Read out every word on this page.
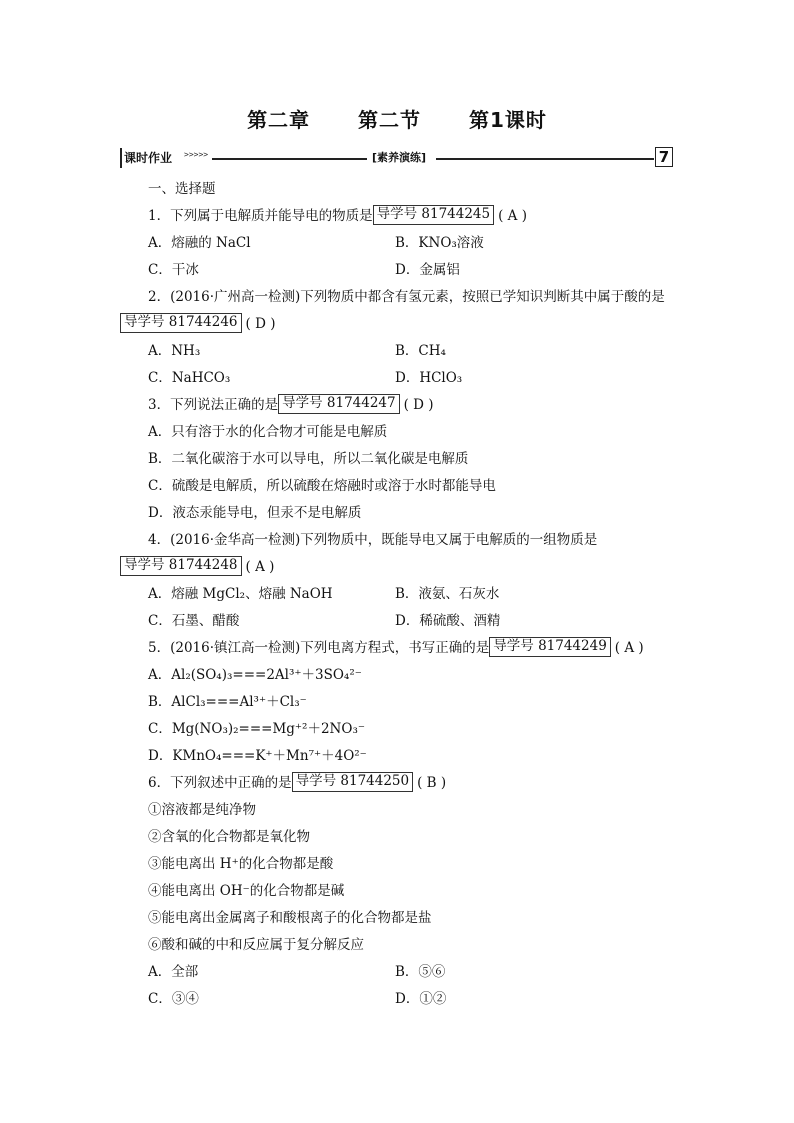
第二章 第二节 第1课时
课时作业 >>>>>	[素养演练]	7
一、选择题
1．下列属于电解质并能导电的物质是 导学号 81744245 ( A )
A．熔融的 NaCl	B．KNO₃溶液
C．干冰	D．金属铝
2．(2016·广州高一检测)下列物质中都含有氢元素，按照已学知识判断其中属于酸的是
导学号 81744246 ( D )
A．NH₃	B．CH₄
C．NaHCO₃	D．HClO₃
3．下列说法正确的是 导学号 81744247 ( D )
A．只有溶于水的化合物才可能是电解质
B．二氧化碳溶于水可以导电，所以二氧化碳是电解质
C．硫酸是电解质，所以硫酸在熔融时或溶于水时都能导电
D．液态汞能导电，但汞不是电解质
4．(2016·金华高一检测)下列物质中，既能导电又属于电解质的一组物质是
导学号 81744248 ( A )
A．熔融 MgCl₂、熔融 NaOH	B．液氨、石灰水
C．石墨、醋酸	D．稀硫酸、酒精
5．(2016·镇江高一检测)下列电离方程式，书写正确的是 导学号 81744249 ( A )
A．Al₂(SO₄)₃===2Al³⁺＋3SO₄²⁻
B．AlCl₃===Al³⁺＋Cl₃⁻
C．Mg(NO₃)₂===Mg⁺²＋2NO₃⁻
D．KMnO₄===K⁺＋Mn⁷⁺＋4O²⁻
6．下列叙述中正确的是 导学号 81744250 ( B )
①溶液都是纯净物
②含氧的化合物都是氧化物
③能电离出 H⁺的化合物都是酸
④能电离出 OH⁻的化合物都是碱
⑤能电离出金属离子和酸根离子的化合物都是盐
⑥酸和碱的中和反应属于复分解反应
A．全部	B．⑤⑥
C．③④	D．①②
